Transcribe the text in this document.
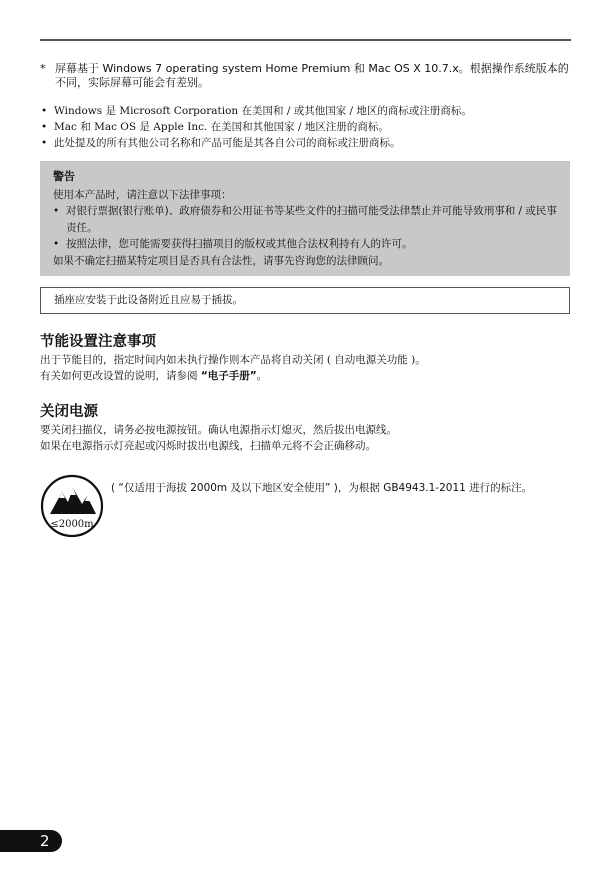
* 屏幕基于 Windows 7 operating system Home Premium 和 Mac OS X 10.7.x。根据操作系统版本的不同，实际屏幕可能会有差别。
• Windows 是 Microsoft Corporation 在美国和 / 或其他国家 / 地区的商标或注册商标。
• Mac 和 Mac OS 是 Apple Inc. 在美国和其他国家 / 地区注册的商标。
• 此处提及的所有其他公司名称和产品可能是其各自公司的商标或注册商标。
警告
使用本产品时，请注意以下法律事项：
• 对银行票据(银行账单)、政府债券和公用证书等某些文件的扫描可能受法律禁止并可能导致刑事和 / 或民事责任。
• 按照法律，您可能需要获得扫描项目的版权或其他合法权利持有人的许可。
如果不确定扫描某特定项目是否具有合法性，请事先咨询您的法律顾问。
插座应安装于此设备附近且应易于插拔。
节能设置注意事项
出于节能目的，指定时间内如未执行操作则本产品将自动关闭 ( 自动电源关功能 )。
有关如何更改设置的说明，请参阅 “电子手册”。
关闭电源
要关闭扫描仪，请务必按电源按钮。确认电源指示灯熄灭，然后拔出电源线。
如果在电源指示灯亮起或闪烁时拔出电源线，扫描单元将不会正确移动。
≤2000m
( “仅适用于海拔 2000m 及以下地区安全使用” )，为根据 GB4943.1-2011 进行的标注。
2
